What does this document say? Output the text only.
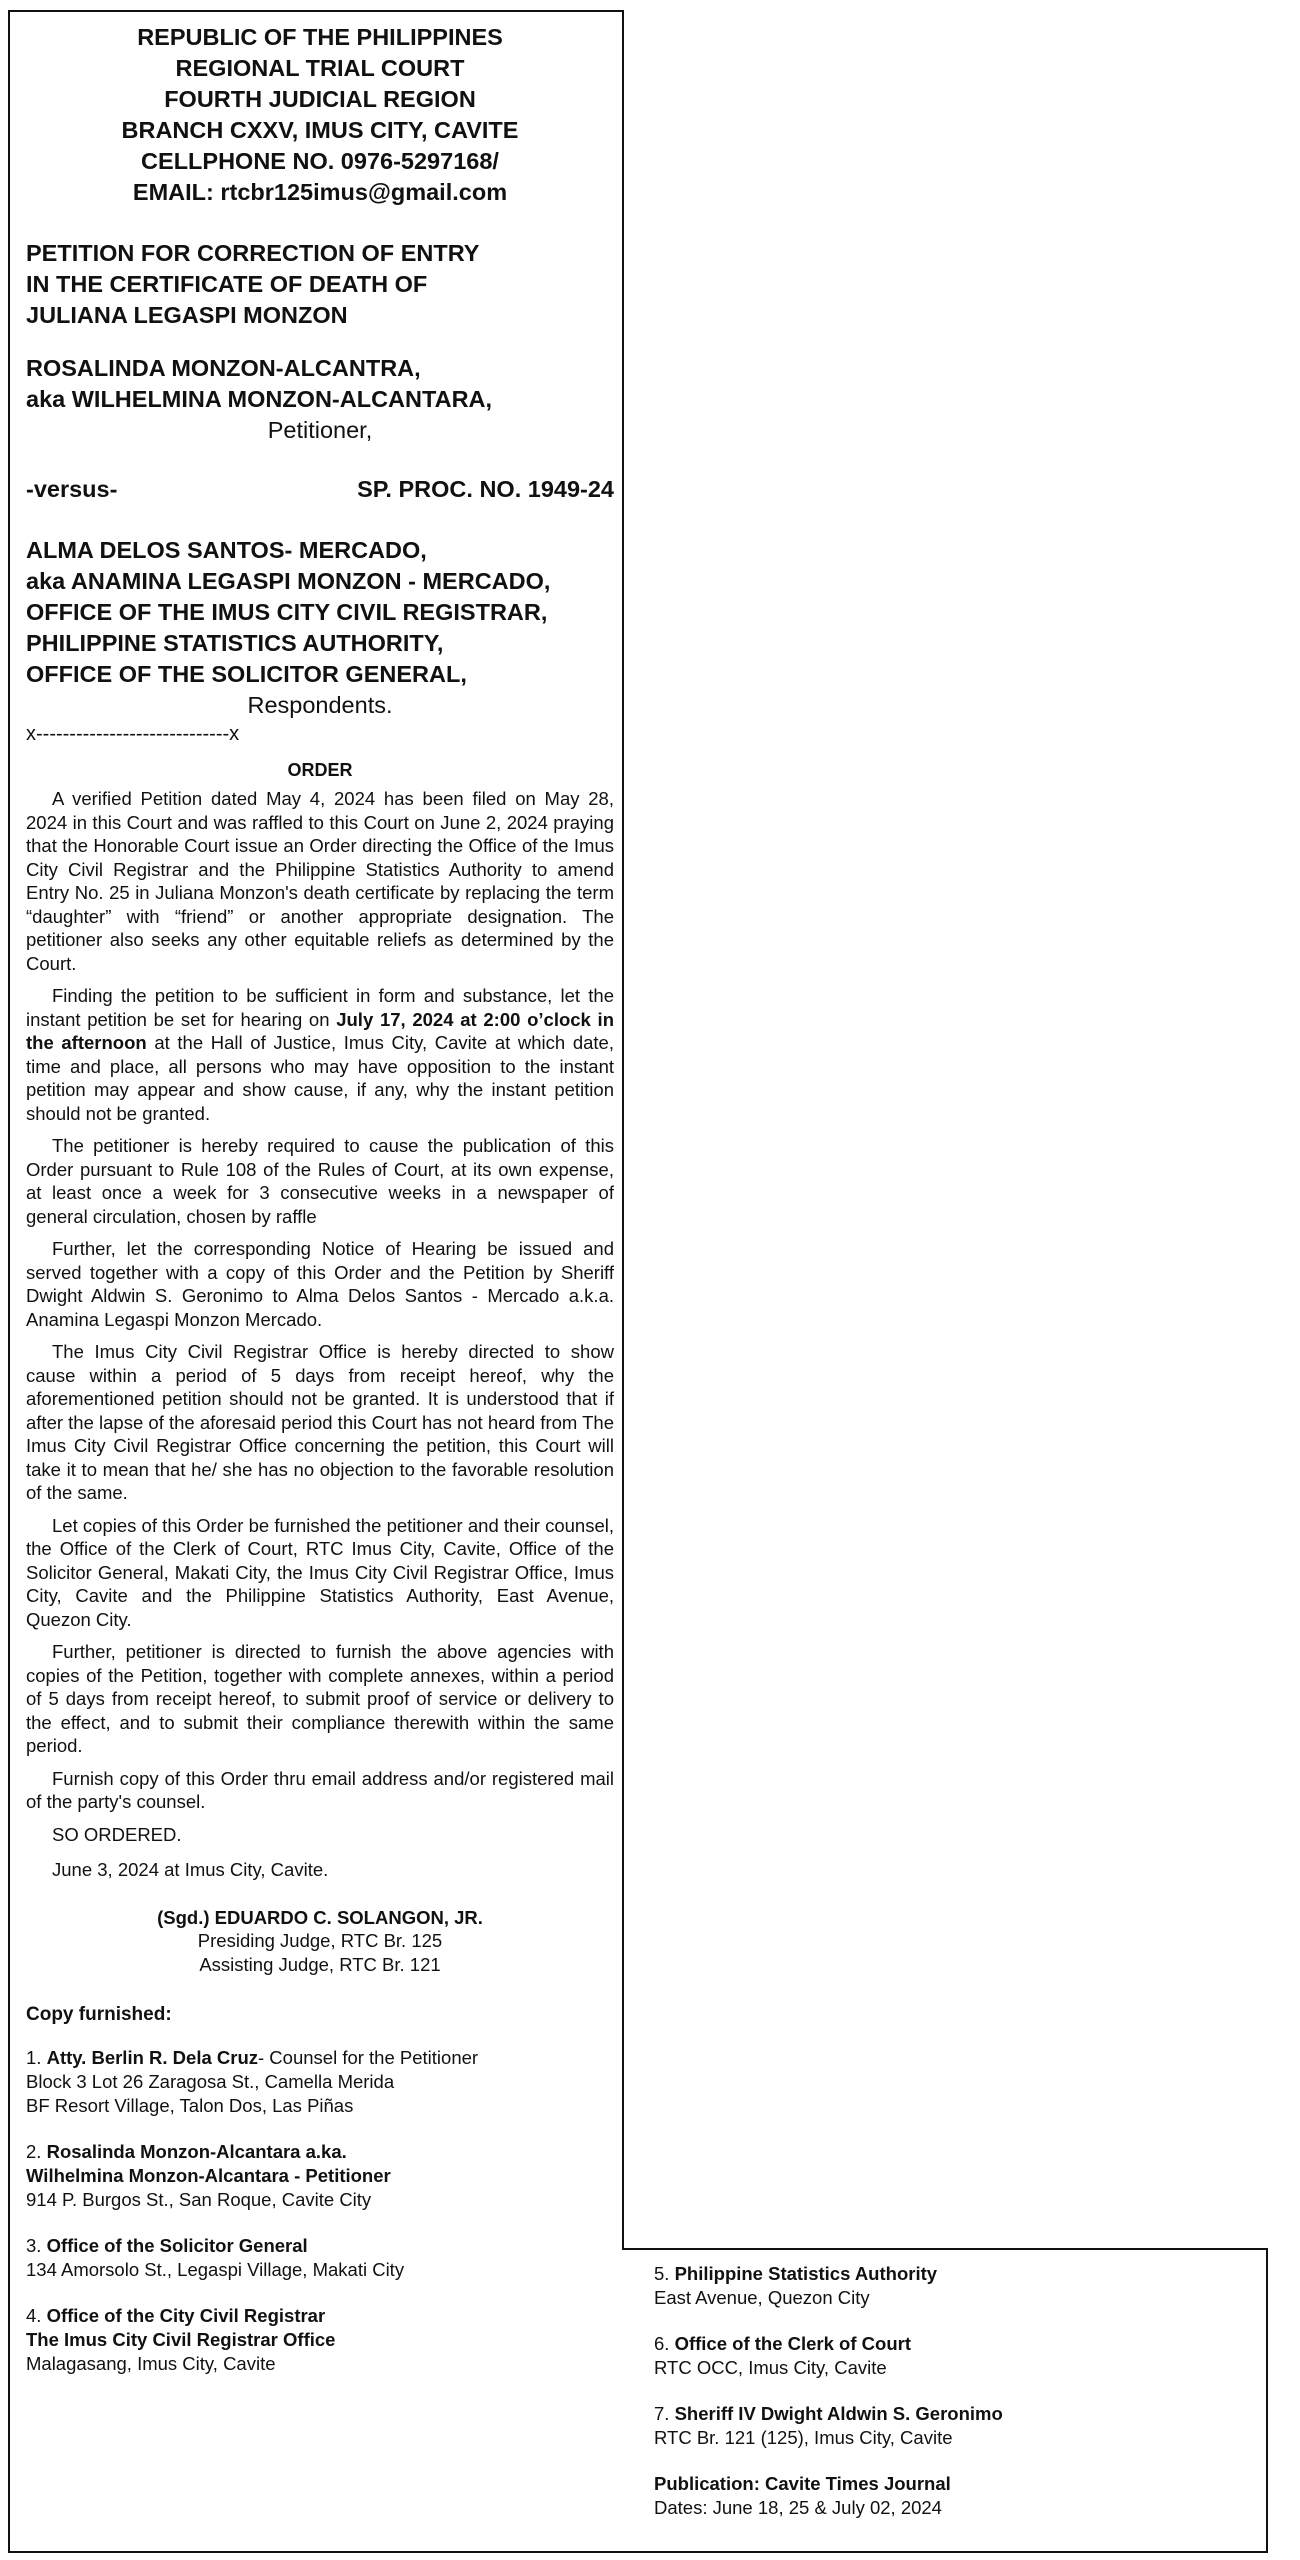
REPUBLIC OF THE PHILIPPINES
REGIONAL TRIAL COURT
FOURTH JUDICIAL REGION
BRANCH CXXV, IMUS CITY, CAVITE
CELLPHONE NO. 0976-5297168/
EMAIL: rtcbr125imus@gmail.com
PETITION FOR CORRECTION OF ENTRY
IN THE CERTIFICATE OF DEATH OF
JULIANA LEGASPI MONZON
ROSALINDA MONZON-ALCANTRA,
aka WILHELMINA MONZON-ALCANTARA,
Petitioner,
-versus-	SP. PROC. NO. 1949-24
ALMA DELOS SANTOS- MERCADO,
aka ANAMINA LEGASPI MONZON - MERCADO,
OFFICE OF THE IMUS CITY CIVIL REGISTRAR,
PHILIPPINE STATISTICS AUTHORITY,
OFFICE OF THE SOLICITOR GENERAL,
Respondents.
x-----------------------------x
ORDER

A verified Petition dated May 4, 2024 has been filed on May 28, 2024 in this Court and was raffled to this Court on June 2, 2024 praying that the Honorable Court issue an Order directing the Office of the Imus City Civil Registrar and the Philippine Statistics Authority to amend Entry No. 25 in Juliana Monzon's death certificate by replacing the term “daughter” with “friend” or another appropriate designation. The petitioner also seeks any other equitable reliefs as determined by the Court.

Finding the petition to be sufficient in form and substance, let the instant petition be set for hearing on July 17, 2024 at 2:00 o’clock in the afternoon at the Hall of Justice, Imus City, Cavite at which date, time and place, all persons who may have opposition to the instant petition may appear and show cause, if any, why the instant petition should not be granted.

The petitioner is hereby required to cause the publication of this Order pursuant to Rule 108 of the Rules of Court, at its own expense, at least once a week for 3 consecutive weeks in a newspaper of general circulation, chosen by raffle

Further, let the corresponding Notice of Hearing be issued and served together with a copy of this Order and the Petition by Sheriff Dwight Aldwin S. Geronimo to Alma Delos Santos - Mercado a.k.a. Anamina Legaspi Monzon Mercado.

The Imus City Civil Registrar Office is hereby directed to show cause within a period of 5 days from receipt hereof, why the aforementioned petition should not be granted. It is understood that if after the lapse of the aforesaid period this Court has not heard from The Imus City Civil Registrar Office concerning the petition, this Court will take it to mean that he/ she has no objection to the favorable resolution of the same.

Let copies of this Order be furnished the petitioner and their counsel, the Office of the Clerk of Court, RTC Imus City, Cavite, Office of the Solicitor General, Makati City, the Imus City Civil Registrar Office, Imus City, Cavite and the Philippine Statistics Authority, East Avenue, Quezon City.

Further, petitioner is directed to furnish the above agencies with copies of the Petition, together with complete annexes, within a period of 5 days from receipt hereof, to submit proof of service or delivery to the effect, and to submit their compliance therewith within the same period.

Furnish copy of this Order thru email address and/or registered mail of the party's counsel.

SO ORDERED.
June 3, 2024 at Imus City, Cavite.
(Sgd.) EDUARDO C. SOLANGON, JR.
Presiding Judge, RTC Br. 125
Assisting Judge, RTC Br. 121
Copy furnished:
1. Atty. Berlin R. Dela Cruz- Counsel for the Petitioner
Block 3 Lot 26 Zaragosa St., Camella Merida
BF Resort Village, Talon Dos, Las Piñas
2. Rosalinda Monzon-Alcantara a.ka.
Wilhelmina Monzon-Alcantara - Petitioner
914 P. Burgos St., San Roque, Cavite City
3. Office of the Solicitor General
134 Amorsolo St., Legaspi Village, Makati City
4. Office of the City Civil Registrar
The Imus City Civil Registrar Office
Malagasang, Imus City, Cavite
5. Philippine Statistics Authority
East Avenue, Quezon City
6. Office of the Clerk of Court
RTC OCC, Imus City, Cavite
7. Sheriff IV Dwight Aldwin S. Geronimo
RTC Br. 121 (125), Imus City, Cavite
Publication: Cavite Times Journal
Dates: June 18, 25 & July 02, 2024
